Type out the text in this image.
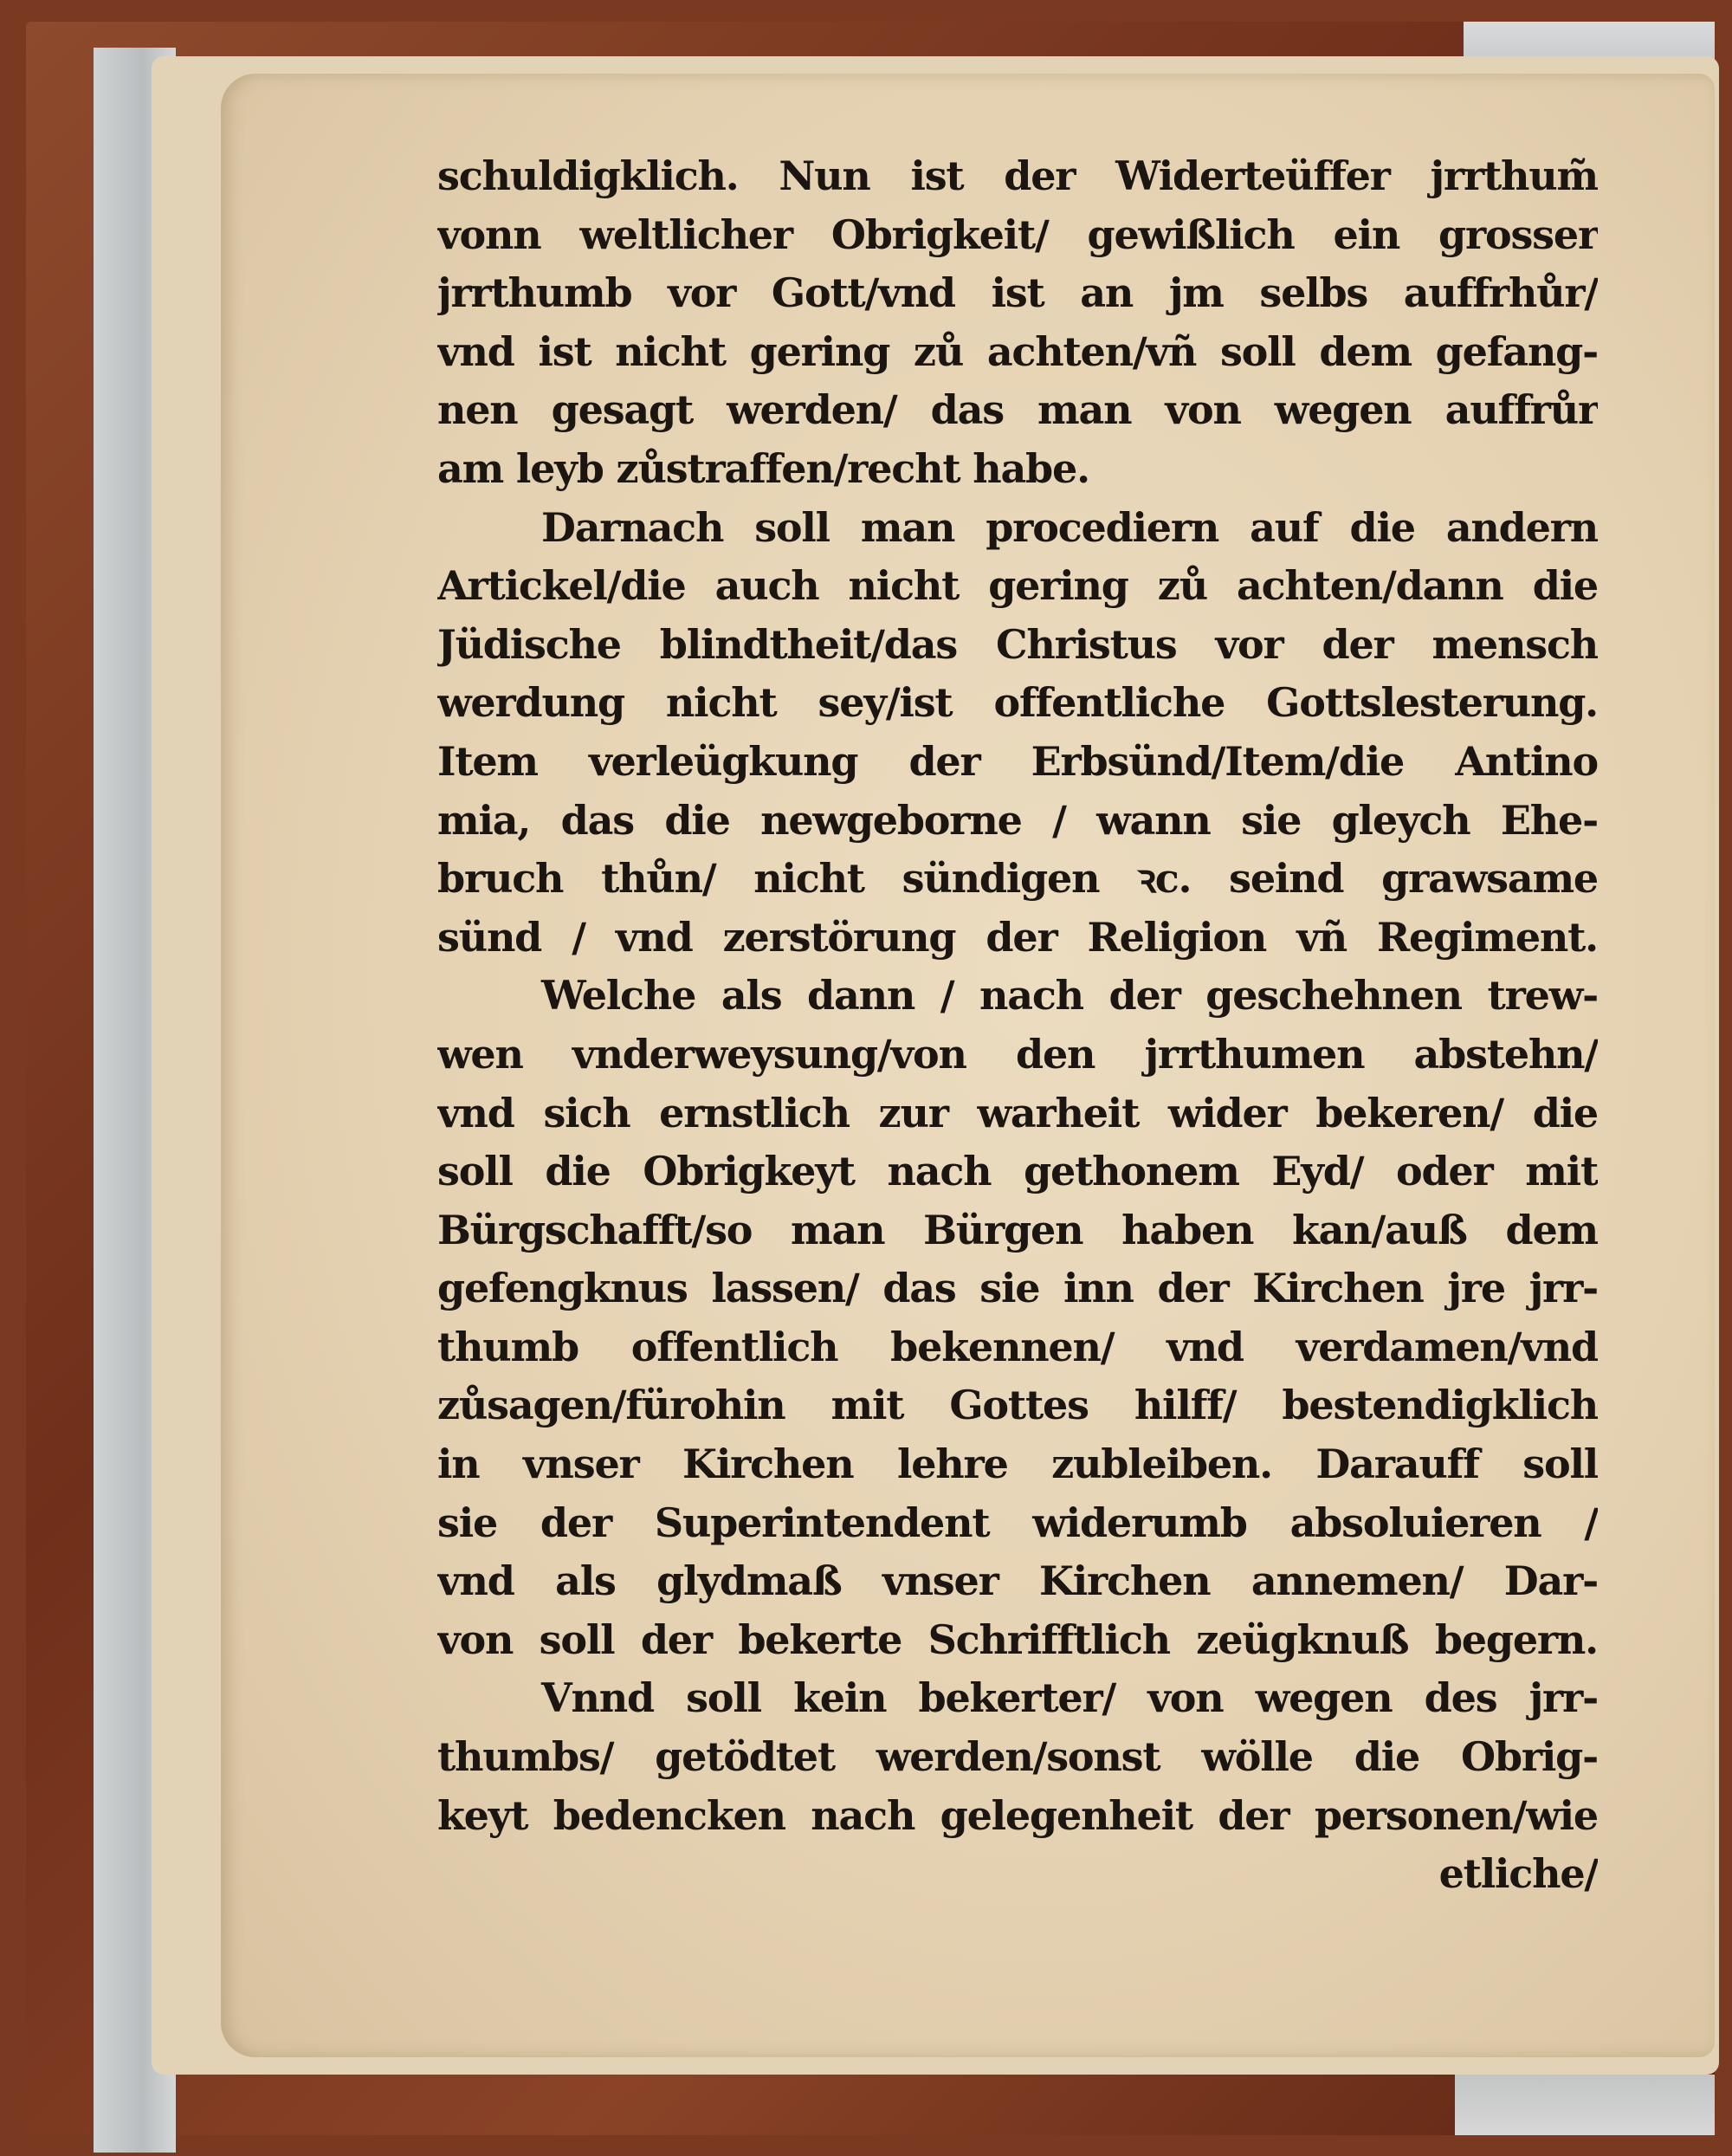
schuldigklich. Nun ist der Widerteüffer jrrthum̃
vonn weltlicher Obrigkeit/ gewißlich ein grosser
jrrthumb vor Gott/vnd ist an jm selbs auffrhůr/
vnd ist nicht gering zů achten/vñ soll dem gefang-
nen gesagt werden/ das man von wegen auffrůr
am leyb zůstraffen/recht habe.
Darnach soll man procediern auf die andern
Artickel/die auch nicht gering zů achten/dann die
Jüdische blindtheit/das Christus vor der mensch
werdung nicht sey/ist offentliche Gottslesterung.
Item verleügkung der Erbsünd/Item/die Antino
mia, das die newgeborne / wann sie gleych Ehe-
bruch thůn/ nicht sündigen ꝛc. seind grawsame
sünd / vnd zerstörung der Religion vñ Regiment.
Welche als dann / nach der geschehnen trew-
wen vnderweysung/von den jrrthumen abstehn/
vnd sich ernstlich zur warheit wider bekeren/ die
soll die Obrigkeyt nach gethonem Eyd/ oder mit
Bürgschafft/so man Bürgen haben kan/auß dem
gefengknus lassen/ das sie inn der Kirchen jre jrr-
thumb offentlich bekennen/ vnd verdamen/vnd
zůsagen/fürohin mit Gottes hilff/ bestendigklich
in vnser Kirchen lehre zubleiben. Darauff soll
sie der Superintendent widerumb absoluieren /
vnd als glydmaß vnser Kirchen annemen/ Dar-
von soll der bekerte Schrifftlich zeügknuß begern.
Vnnd soll kein bekerter/ von wegen des jrr-
thumbs/ getödtet werden/sonst wölle die Obrig-
keyt bedencken nach gelegenheit der personen/wie
etliche/
